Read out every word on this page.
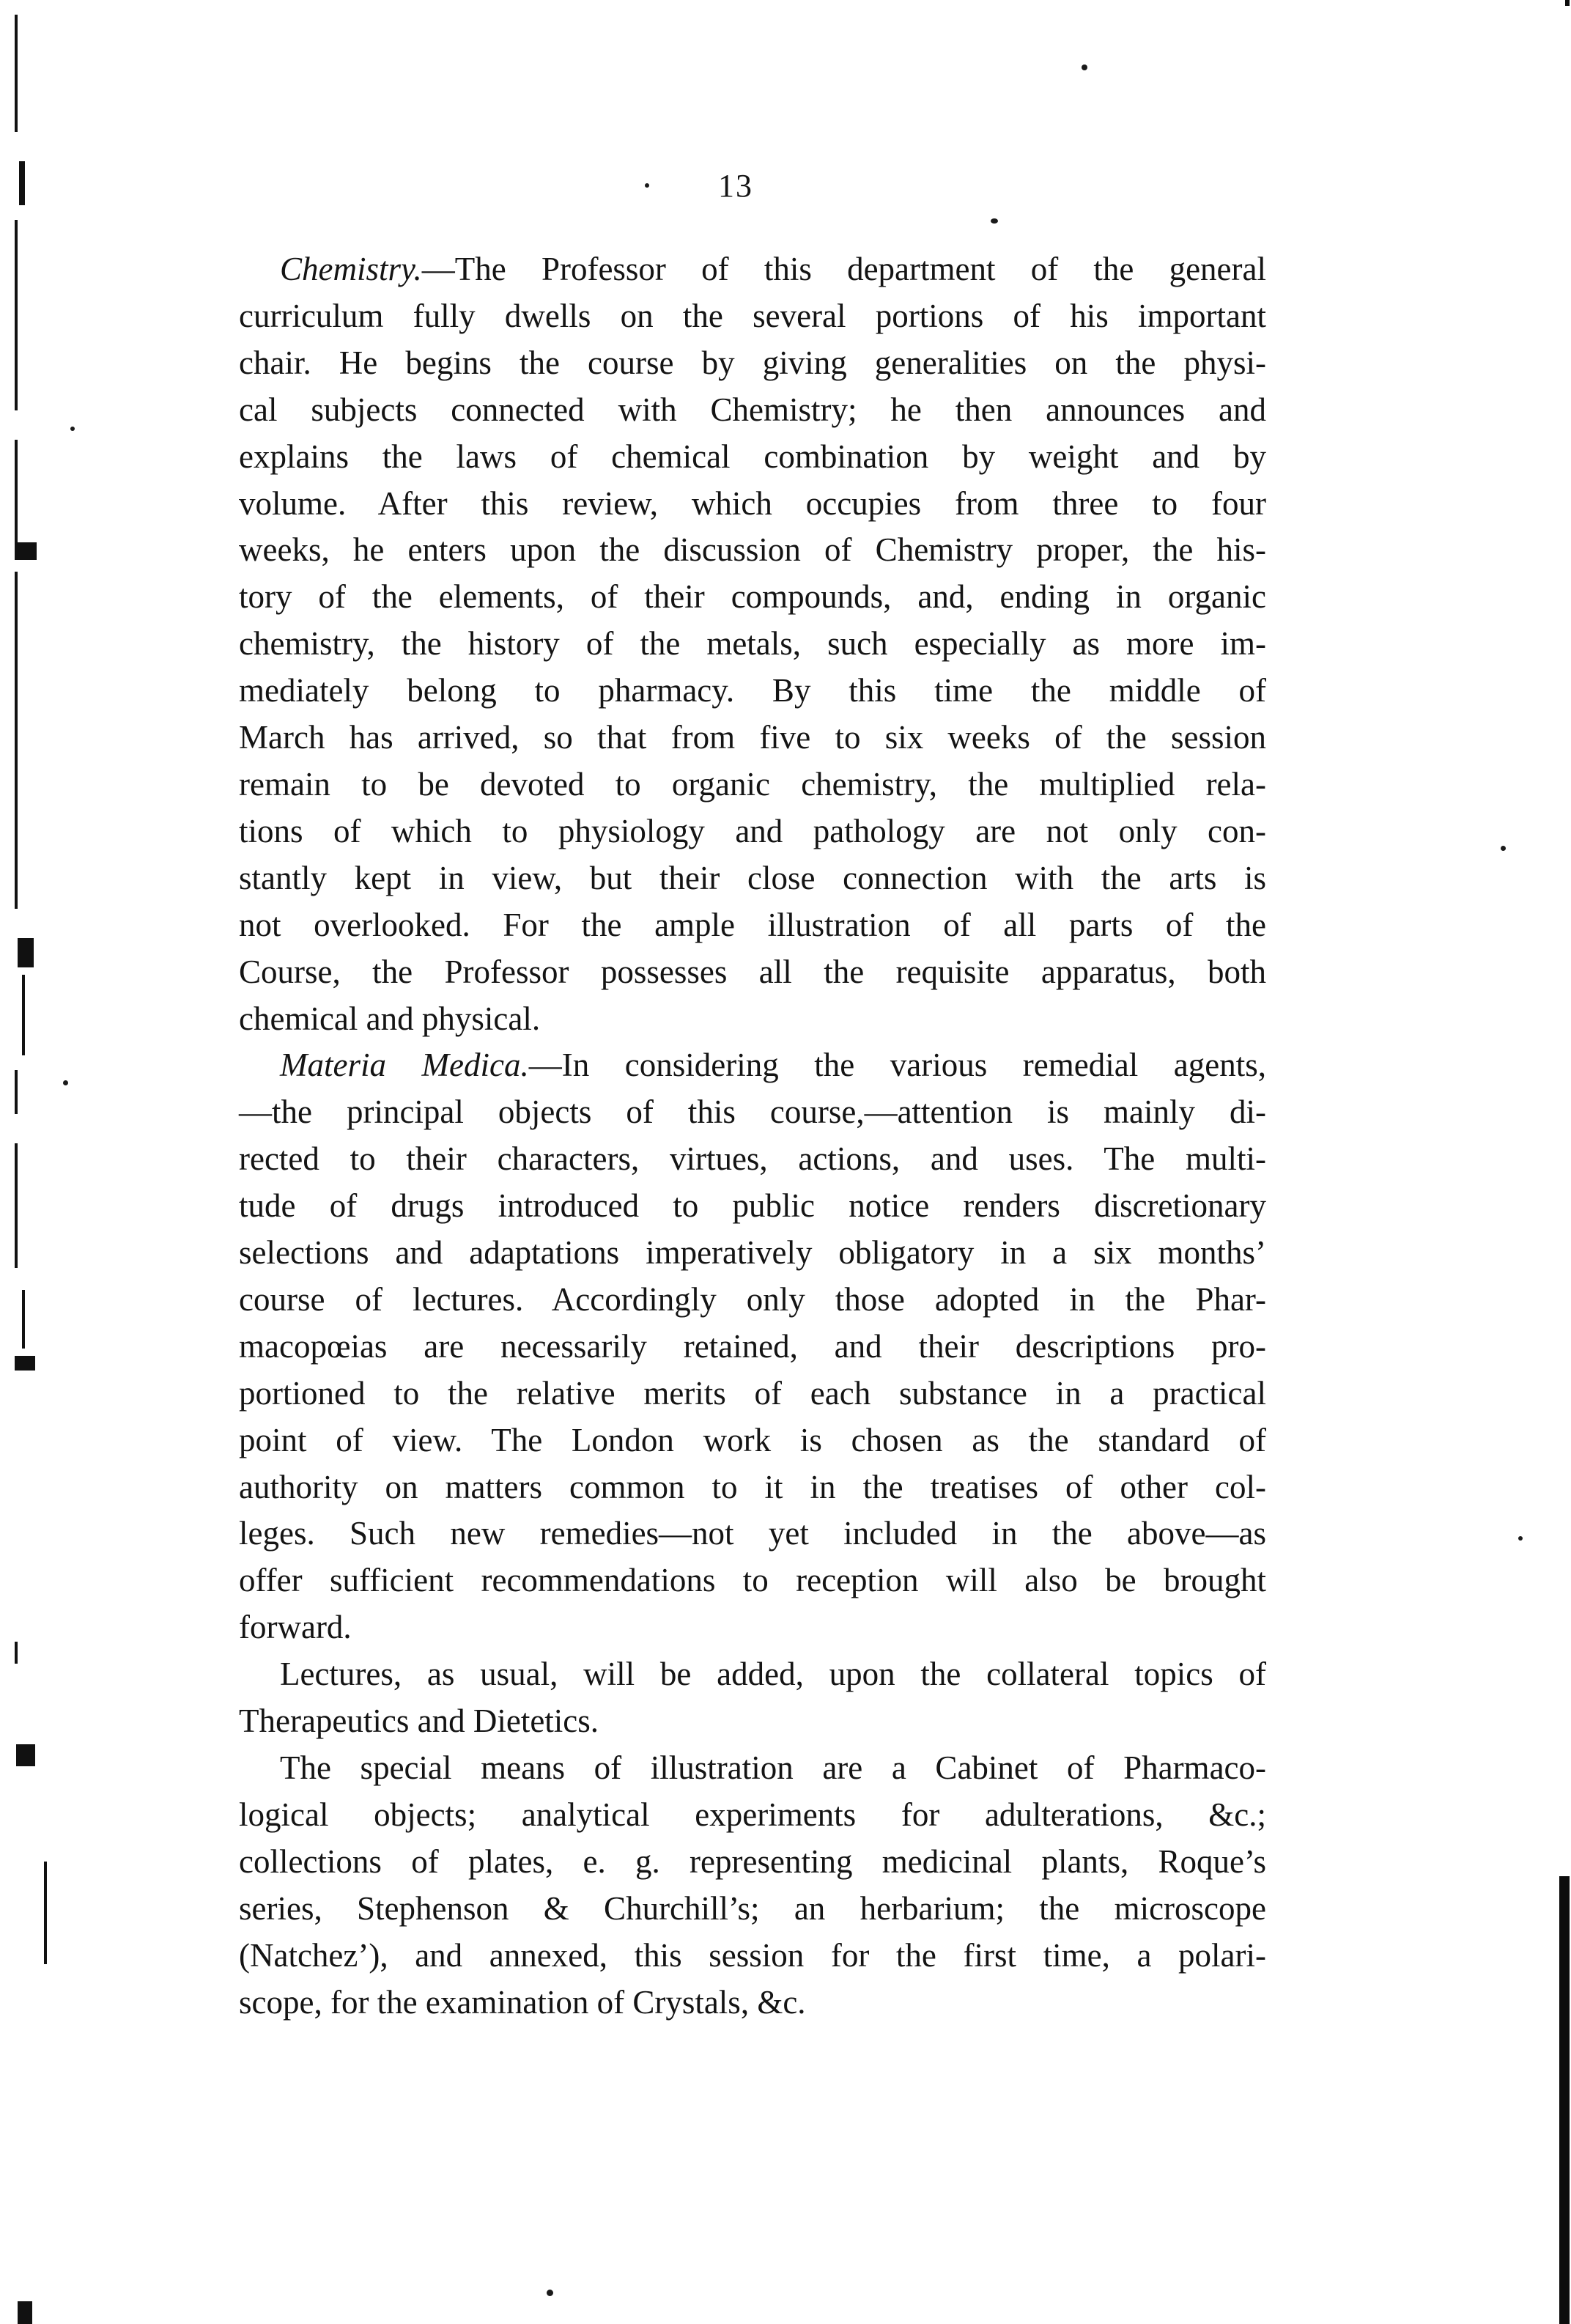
13
Chemistry.—The Professor of this department of the general
curriculum fully dwells on the several portions of his important
chair. He begins the course by giving generalities on the physi-
cal subjects connected with Chemistry; he then announces and
explains the laws of chemical combination by weight and by
volume. After this review, which occupies from three to four
weeks, he enters upon the discussion of Chemistry proper, the his-
tory of the elements, of their compounds, and, ending in organic
chemistry, the history of the metals, such especially as more im-
mediately belong to pharmacy. By this time the middle of
March has arrived, so that from five to six weeks of the session
remain to be devoted to organic chemistry, the multiplied rela-
tions of which to physiology and pathology are not only con-
stantly kept in view, but their close connection with the arts is
not overlooked. For the ample illustration of all parts of the
Course, the Professor possesses all the requisite apparatus, both
chemical and physical.
Materia Medica.—In considering the various remedial agents,
—the principal objects of this course,—attention is mainly di-
rected to their characters, virtues, actions, and uses. The multi-
tude of drugs introduced to public notice renders discretionary
selections and adaptations imperatively obligatory in a six months’
course of lectures. Accordingly only those adopted in the Phar-
macopœias are necessarily retained, and their descriptions pro-
portioned to the relative merits of each substance in a practical
point of view. The London work is chosen as the standard of
authority on matters common to it in the treatises of other col-
leges. Such new remedies—not yet included in the above—as
offer sufficient recommendations to reception will also be brought
forward.
Lectures, as usual, will be added, upon the collateral topics of
Therapeutics and Dietetics.
The special means of illustration are a Cabinet of Pharmaco-
logical objects; analytical experiments for adulterations, &c.;
collections of plates, e. g. representing medicinal plants, Roque’s
series, Stephenson & Churchill’s; an herbarium; the microscope
(Natchez’), and annexed, this session for the first time, a polari-
scope, for the examination of Crystals, &c.
